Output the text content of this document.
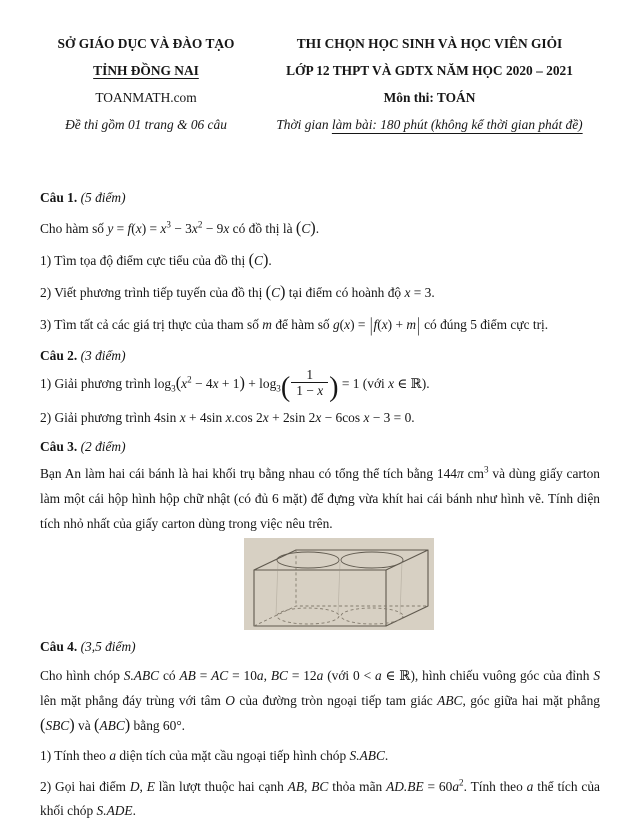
SỞ GIÁO DỤC VÀ ĐÀO TẠO
TỈNH ĐỒNG NAI
TOANMATH.com
Đề thi gồm 01 trang & 06 câu
THI CHỌN HỌC SINH VÀ HỌC VIÊN GIỎI
LỚP 12 THPT VÀ GDTX NĂM HỌC 2020 – 2021
Môn thi: TOÁN
Thời gian làm bài: 180 phút (không kể thời gian phát đề)
Câu 1. (5 điểm)
Cho hàm số $y = f(x) = x^3 - 3x^2 - 9x$ có đồ thị là (C).
1) Tìm tọa độ điểm cực tiểu của đồ thị (C).
2) Viết phương trình tiếp tuyến của đồ thị (C) tại điểm có hoành độ x = 3.
3) Tìm tất cả các giá trị thực của tham số m để hàm số g(x) = |f(x) + m| có đúng 5 điểm cực trị.
Câu 2. (3 điểm)
1) Giải phương trình $\log_3(x^2 - 4x + 1) + \log_3( \frac{1}{1 - x}$ ) = 1 (với x ∈ ℝ).
2) Giải phương trình 4sin x + 4sin x.cos 2x + 2sin 2x − 6cos x − 3 = 0.
Câu 3. (2 điểm)
Bạn An làm hai cái bánh là hai khối trụ bằng nhau có tổng thể tích bằng 144π $cm^3$ và dùng giấy carton làm một cái hộp hình hộp chữ nhật (có đủ 6 mặt) để đựng vừa khít hai cái bánh như hình vẽ. Tính diện tích nhỏ nhất của giấy carton dùng trong việc nêu trên.
Câu 4. (3,5 điểm)
Cho hình chóp S.ABC có AB = AC = 10a, BC = 12a (với 0 < a ∈ ℝ), hình chiếu vuông góc của đỉnh S lên mặt phẳng đáy trùng với tâm O của đường tròn ngoại tiếp tam giác ABC, góc giữa hai mặt phẳng (SBC) và (ABC) bằng 60°.
1) Tính theo a diện tích của mặt cầu ngoại tiếp hình chóp S.ABC.
2) Gọi hai điểm D, E lần lượt thuộc hai cạnh AB, BC thỏa mãn $AD.BE = 60a^2$. Tính theo a thể tích của khối chóp S.ADE.
